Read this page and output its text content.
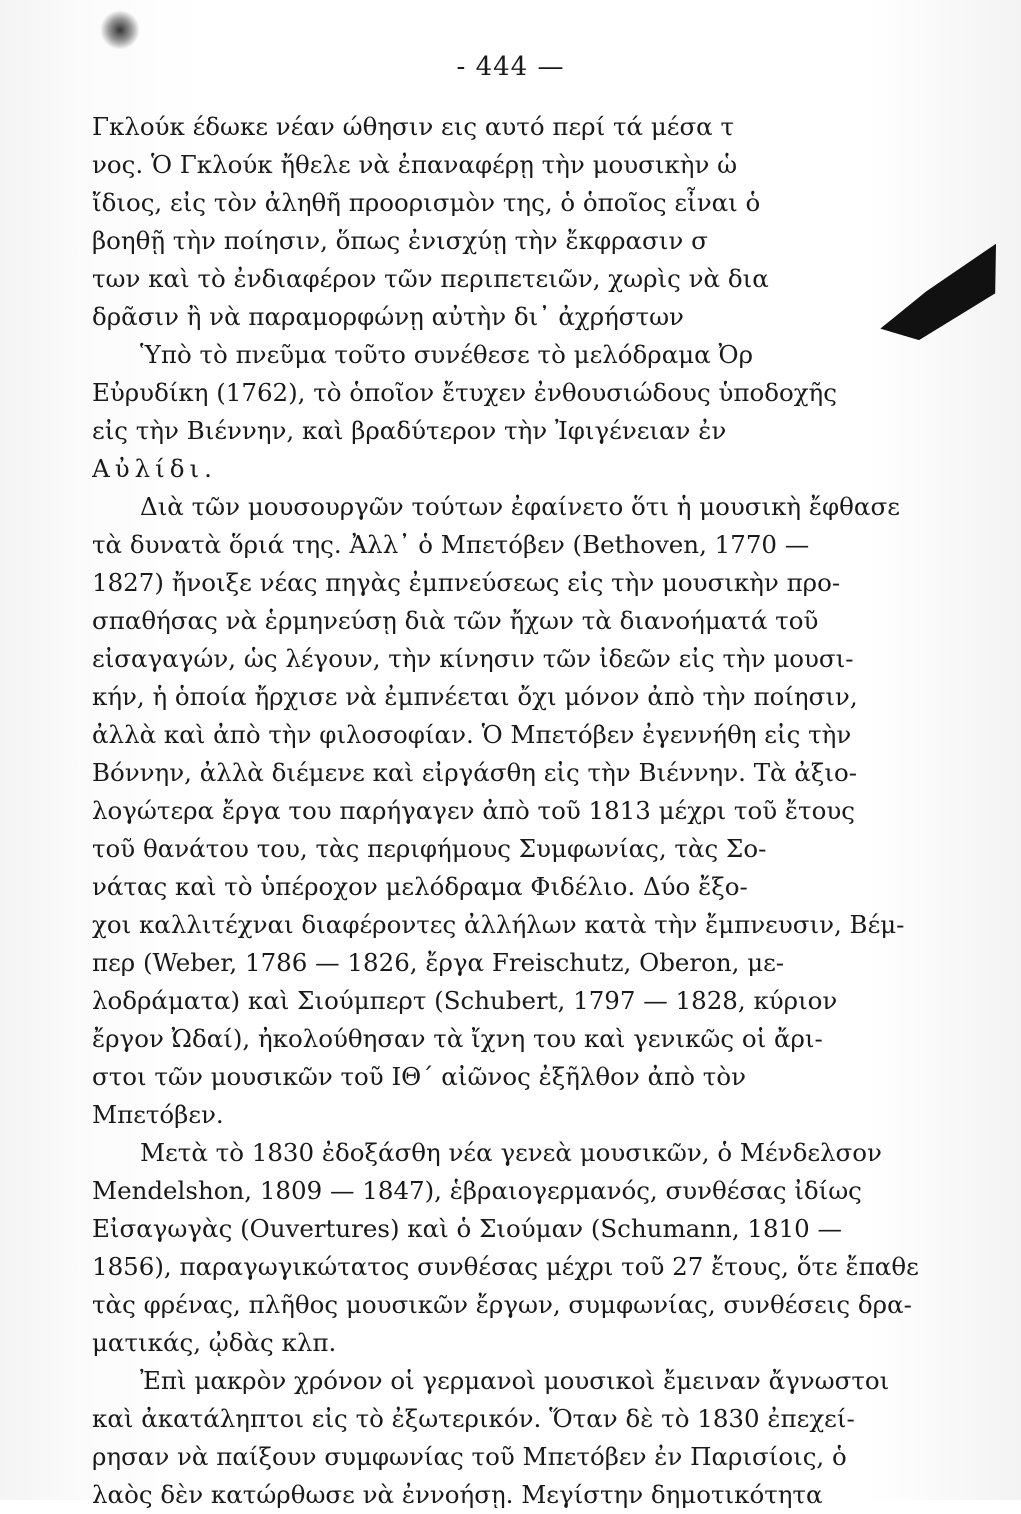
- 444 —
Γκλούκ έδωκε νέαν ώθησιν εις αυτό περί τά μέσα τ
νος. Ὁ Γκλούκ ἤθελε νὰ ἐπαναφέρῃ τὴν μουσικὴν ὡ
ἴδιος, εἰς τὸν ἀληθῆ προορισμὸν της, ὁ ὁποῖος εἶναι ὁ
βοηθῇ τὴν ποίησιν, ὅπως ἐνισχύῃ τὴν ἔκφρασιν σ
των καὶ τὸ ἐνδιαφέρον τῶν περιπετειῶν, χωρὶς νὰ δια
δρᾶσιν ἢ νὰ παραμορφώνῃ αὐτὴν δι᾽ ἀχρήστων
Ὑπὸ τὸ πνεῦμα τοῦτο συνέθεσε τὸ μελόδραμα Ὀρ
Εὐρυδίκη (1762), τὸ ὁποῖον ἔτυχεν ἐνθουσιώδους ὑποδοχῆς
εἰς τὴν Βιέννην, καὶ βραδύτερον τὴν Ἰφιγένειαν ἐν
Αὐλίδι.
Διὰ τῶν μουσουργῶν τούτων ἐφαίνετο ὅτι ἡ μουσικὴ ἔφθασε
τὰ δυνατὰ ὅριά της. Ἀλλ᾽ ὁ Μπετόβεν (Bethoven, 1770 —
1827) ἤνοιξε νέας πηγὰς ἐμπνεύσεως εἰς τὴν μουσικὴν προ-
σπαθήσας νὰ ἑρμηνεύσῃ διὰ τῶν ἤχων τὰ διανοήματά τοῦ
εἰσαγαγών, ὡς λέγουν, τὴν κίνησιν τῶν ἰδεῶν εἰς τὴν μουσι-
κήν, ἡ ὁποία ἤρχισε νὰ ἐμπνέεται ὄχι μόνον ἀπὸ τὴν ποίησιν,
ἀλλὰ καὶ ἀπὸ τὴν φιλοσοφίαν. Ὁ Μπετόβεν ἐγεννήθη εἰς τὴν
Βόννην, ἀλλὰ διέμενε καὶ εἰργάσθη εἰς τὴν Βιέννην. Τὰ ἀξιο-
λογώτερα ἔργα του παρήγαγεν ἀπὸ τοῦ 1813 μέχρι τοῦ ἔτους
τοῦ θανάτου του, τὰς περιφήμους Συμφωνίας, τὰς Σο-
νάτας καὶ τὸ ὑπέροχον μελόδραμα Φιδέλιο. Δύο ἔξο-
χοι καλλιτέχναι διαφέροντες ἀλλήλων κατὰ τὴν ἔμπνευσιν, Βέμ-
περ (Weber, 1786 — 1826, ἔργα Freischutz, Oberon, με-
λοδράματα) καὶ Σιούμπερτ (Schubert, 1797 — 1828, κύριον
ἔργον Ὠδαί), ἠκολούθησαν τὰ ἴχνη του καὶ γενικῶς οἱ ἄρι-
στοι τῶν μουσικῶν τοῦ ΙΘ΄ αἰῶνος ἐξῆλθον ἀπὸ τὸν
Μπετόβεν.
Μετὰ τὸ 1830 ἐδοξάσθη νέα γενεὰ μουσικῶν, ὁ Μένδελσον
Mendelshon, 1809 — 1847), ἑβραιογερμανός, συνθέσας ἰδίως
Εἰσαγωγὰς (Ouvertures) καὶ ὁ Σιούμαν (Schumann, 1810 —
1856), παραγωγικώτατος συνθέσας μέχρι τοῦ 27 ἔτους, ὅτε ἔπαθε
τὰς φρένας, πλῆθος μουσικῶν ἔργων, συμφωνίας, συνθέσεις δρα-
ματικάς, ᾠδὰς κλπ.
Ἐπὶ μακρὸν χρόνον οἱ γερμανοὶ μουσικοὶ ἔμειναν ἄγνωστοι
καὶ ἀκατάληπτοι εἰς τὸ ἐξωτερικόν. Ὅταν δὲ τὸ 1830 ἐπεχεί-
ρησαν νὰ παίξουν συμφωνίας τοῦ Μπετόβεν ἐν Παρισίοις, ὁ
λαὸς δὲν κατώρθωσε νὰ ἐννοήσῃ. Μεγίστην δημοτικότητα
